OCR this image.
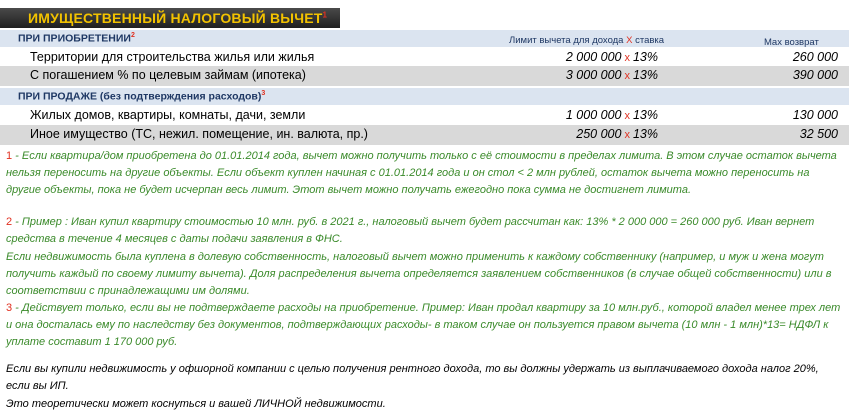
ИМУЩЕСТВЕННЫЙ НАЛОГОВЫЙ ВЫЧЕТ$^1$
ПРИ ПРИОБРЕТЕНИИ$^2$	Лимит вычета для дохода X ставка	Max возврат
Территории для строительства жилья или жилья	2 000 000 x 13%	260 000
С погашением % по целевым займам (ипотека)	3 000 000 x 13%	390 000
ПРИ ПРОДАЖЕ (без подтверждения расходов)$^3$
Жилых домов, квартиры, комнаты, дачи, земли	1 000 000 x 13%	130 000
Иное имущество (ТС, нежил. помещение, ин. валюта, пр.)	250 000 x 13%	32 500
1 - Если квартира/дом приобретена до 01.01.2014 года, вычет можно получить только с её стоимости в пределах лимита. В этом случае остаток вычета нельзя переносить на другие объекты. Если объект куплен начиная с 01.01.2014 года и он стол < 2 млн рублей, остаток вычета можно переносить на другие объекты, пока не будет исчерпан весь лимит. Этот вычет можно получать ежегодно пока сумма не достигнет лимита.
2 - Пример : Иван купил квартиру стоимостью 10 млн. руб. в 2021 г., налоговый вычет будет рассчитан как: 13% * 2 000 000 = 260 000 руб. Иван вернет средства в течение 4 месяцев с даты подачи заявления в ФНС.
Если недвижимость была куплена в долевую собственность, налоговый вычет можно применить к каждому собственнику (например, и муж и жена могут получить каждый по своему лимиту вычета). Доля распределения вычета определяется заявлением собственников (в случае общей собственности) или в соответствии с принадлежащими им долями.
3 - Действует только, если вы не подтверждаете расходы на приобретение. Пример: Иван продал квартиру за 10 млн.руб., которой владел менее трех лет и она досталась ему по наследству без документов, подтверждающих расходы- в таком случае он пользуется правом вычета (10 млн - 1 млн)*13= НДФЛ к уплате составит 1 170 000 руб.
Если вы купили недвижимость у офшорной компании с целью получения рентного дохода, то вы должны удержать из выплачиваемого дохода налог 20%, если вы ИП.
Это теоретически может коснуться и вашей ЛИЧНОЙ недвижимости.
